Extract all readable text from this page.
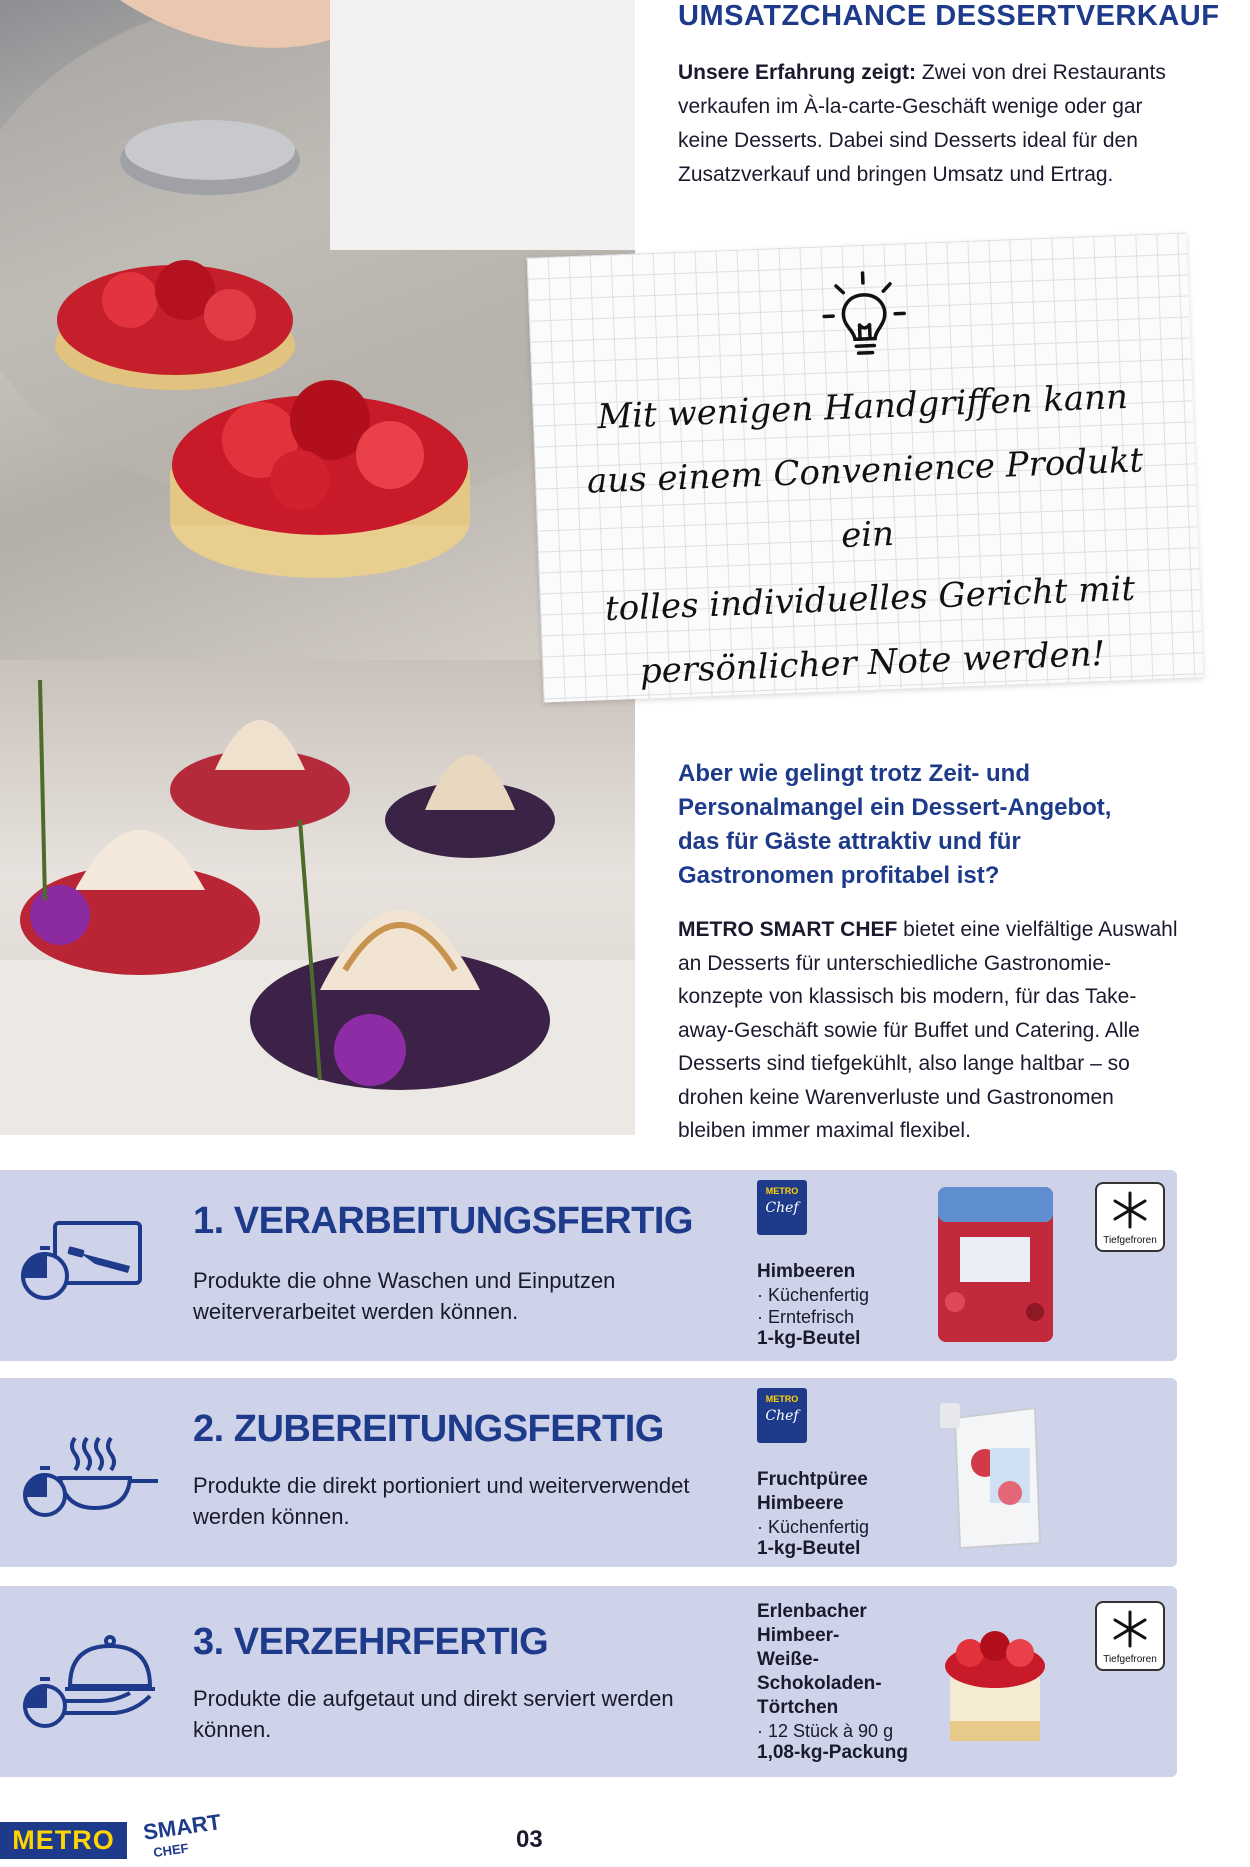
UMSATZCHANCE DESSERTVERKAUF

Unsere Erfahrung zeigt: Zwei von drei Restaurants verkaufen im À-la-carte-Geschäft wenige oder gar keine Desserts. Dabei sind Desserts ideal für den Zusatzverkauf und bringen Umsatz und Ertrag.

Mit wenigen Handgriffen kann
aus einem Convenience Produkt ein
tolles individuelles Gericht mit
persönlicher Note werden!

Aber wie gelingt trotz Zeit- und Personalmangel ein Dessert-Angebot, das für Gäste attraktiv und für Gastronomen profitabel ist?

METRO SMART CHEF bietet eine vielfältige Auswahl an Desserts für unterschiedliche Gastronomie-konzepte von klassisch bis modern, für das Take-away-Geschäft sowie für Buffet und Catering. Alle Desserts sind tiefgekühlt, also lange haltbar – so drohen keine Warenverluste und Gastronomen bleiben immer maximal flexibel.

1. VERARBEITUNGSFERTIG
Produkte die ohne Waschen und Einputzen weiterverarbeitet werden können.
METRO
Chef
Himbeeren
· Küchenfertig
· Erntefrisch
1-kg-Beutel
Tiefgefroren
2. ZUBEREITUNGSFERTIG
Produkte die direkt portioniert und weiterverwendet werden können.
METRO
Chef
Fruchtpüree
Himbeere
· Küchenfertig
1-kg-Beutel
3. VERZEHRFERTIG
Produkte die aufgetaut und direkt serviert werden können.
Erlenbacher
Himbeer-
Weiße-
Schokoladen-
Törtchen
· 12 Stück à 90 g
1,08-kg-Packung
Tiefgefroren
METRO	SMART
CHEF	03
